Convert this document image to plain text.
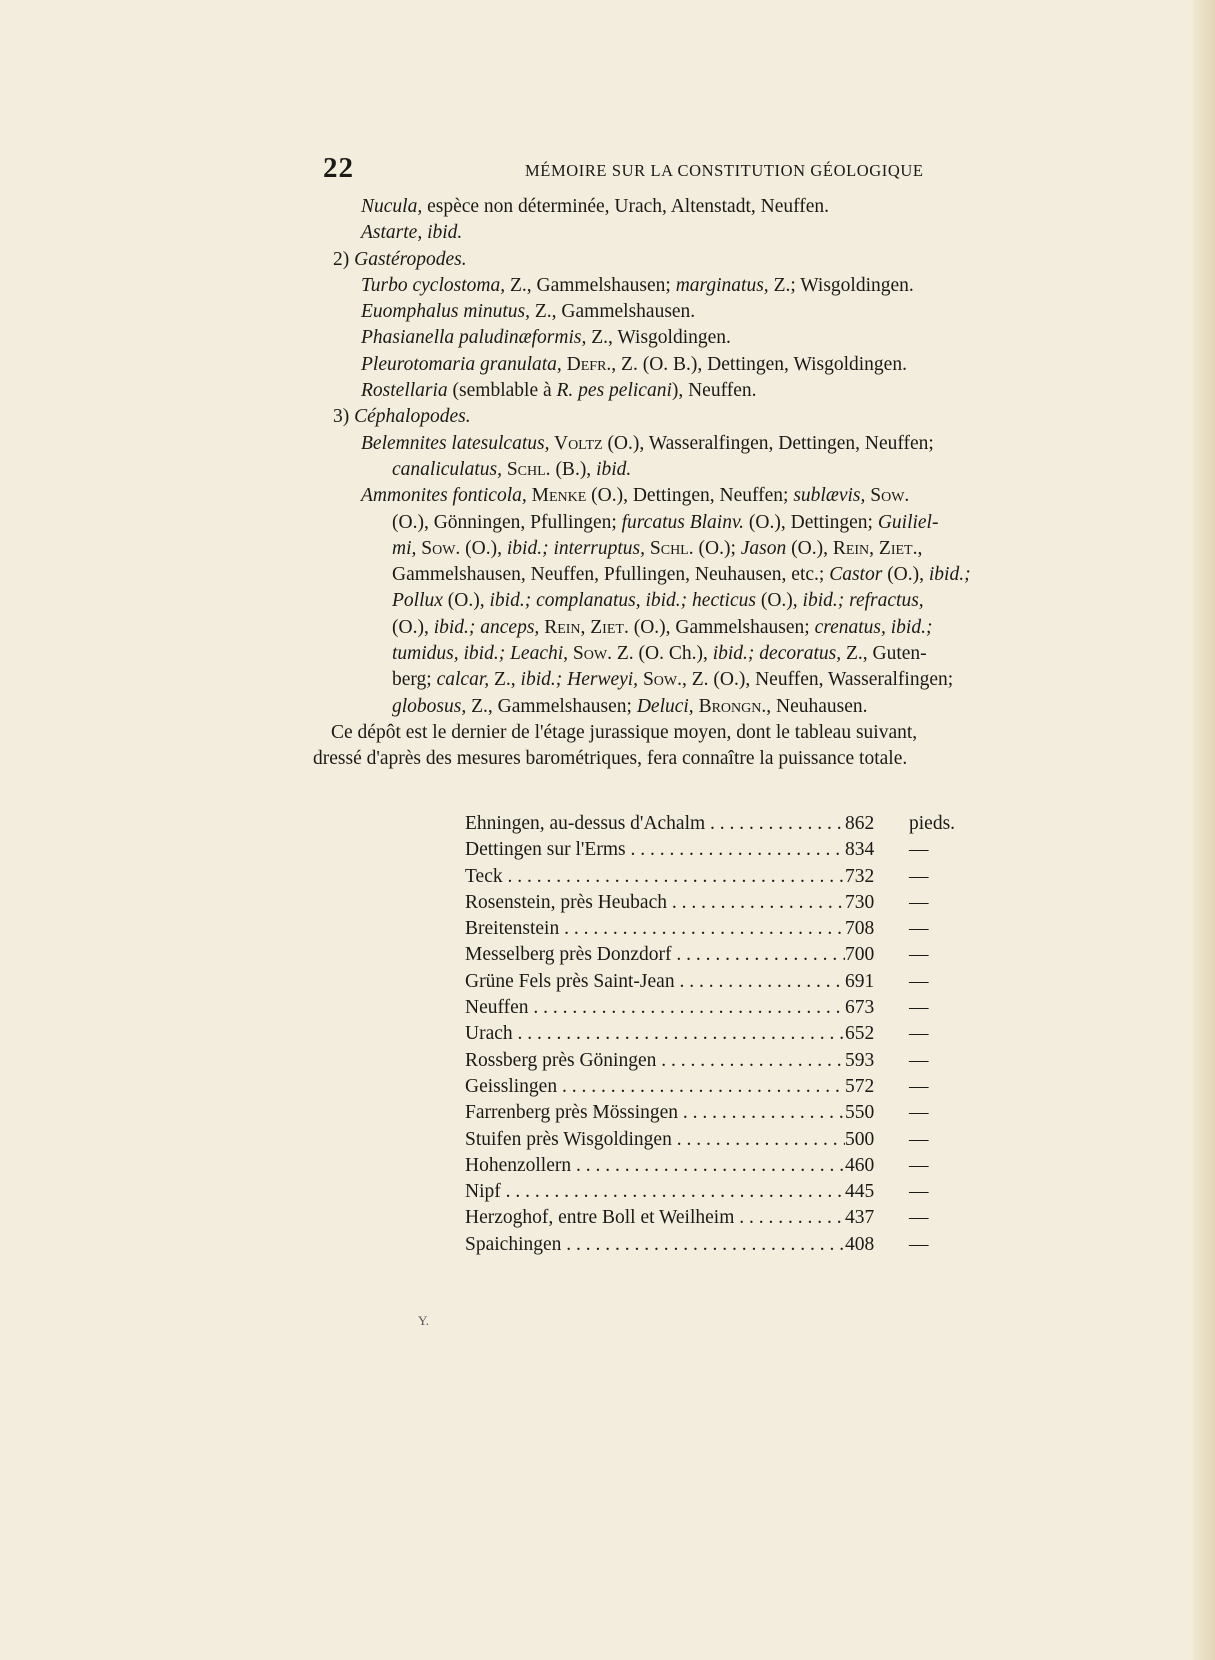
22	MÉMOIRE SUR LA CONSTITUTION GÉOLOGIQUE
Nucula, espèce non déterminée, Urach, Altenstadt, Neuffen.
Astarte, ibid.
2) Gastéropodes.
Turbo cyclostoma, Z., Gammelshausen; marginatus, Z.; Wisgoldingen.
Euomphalus minutus, Z., Gammelshausen.
Phasianella paludinæformis, Z., Wisgoldingen.
Pleurotomaria granulata, Defr., Z. (O. B.), Dettingen, Wisgoldingen.
Rostellaria (semblable à R. pes pelicani), Neuffen.
3) Céphalopodes.
Belemnites latesulcatus, Voltz (O.), Wasseralfingen, Dettingen, Neuffen;
canaliculatus, Schl. (B.), ibid.
Ammonites fonticola, Menke (O.), Dettingen, Neuffen; sublævis, Sow.
(O.), Gönningen, Pfullingen; furcatus Blainv. (O.), Dettingen; Guiliel-
mi, Sow. (O.), ibid.; interruptus, Schl. (O.); Jason (O.), Rein, Ziet.,
Gammelshausen, Neuffen, Pfullingen, Neuhausen, etc.; Castor (O.), ibid.;
Pollux (O.), ibid.; complanatus, ibid.; hecticus (O.), ibid.; refractus,
(O.), ibid.; anceps, Rein, Ziet. (O.), Gammelshausen; crenatus, ibid.;
tumidus, ibid.; Leachi, Sow. Z. (O. Ch.), ibid.; decoratus, Z., Guten-
berg; calcar, Z., ibid.; Herweyi, Sow., Z. (O.), Neuffen, Wasseralfingen;
globosus, Z., Gammelshausen; Deluci, Brongn., Neuhausen.
Ce dépôt est le dernier de l'étage jurassique moyen, dont le tableau suivant,
dressé d'après des mesures barométriques, fera connaître la puissance totale.
Ehningen, au-dessus d'Achalm . . .	862	pieds.
Dettingen sur l'Erms . . .	834	—
Teck . . .	732	—
Rosenstein, près Heubach . . .	730	—
Breitenstein . . .	708	—
Messelberg près Donzdorf . . .	700	—
Grüne Fels près Saint-Jean . . .	691	—
Neuffen . . .	673	—
Urach . . .	652	—
Rossberg près Göningen . . .	593	—
Geisslingen . . .	572	—
Farrenberg près Mössingen . . .	550	—
Stuifen près Wisgoldingen . . .	500	—
Hohenzollern . . .	460	—
Nipf . . .	445	—
Herzoghof, entre Boll et Weilheim . . .	437	—
Spaichingen . . .	408	—
Y.
